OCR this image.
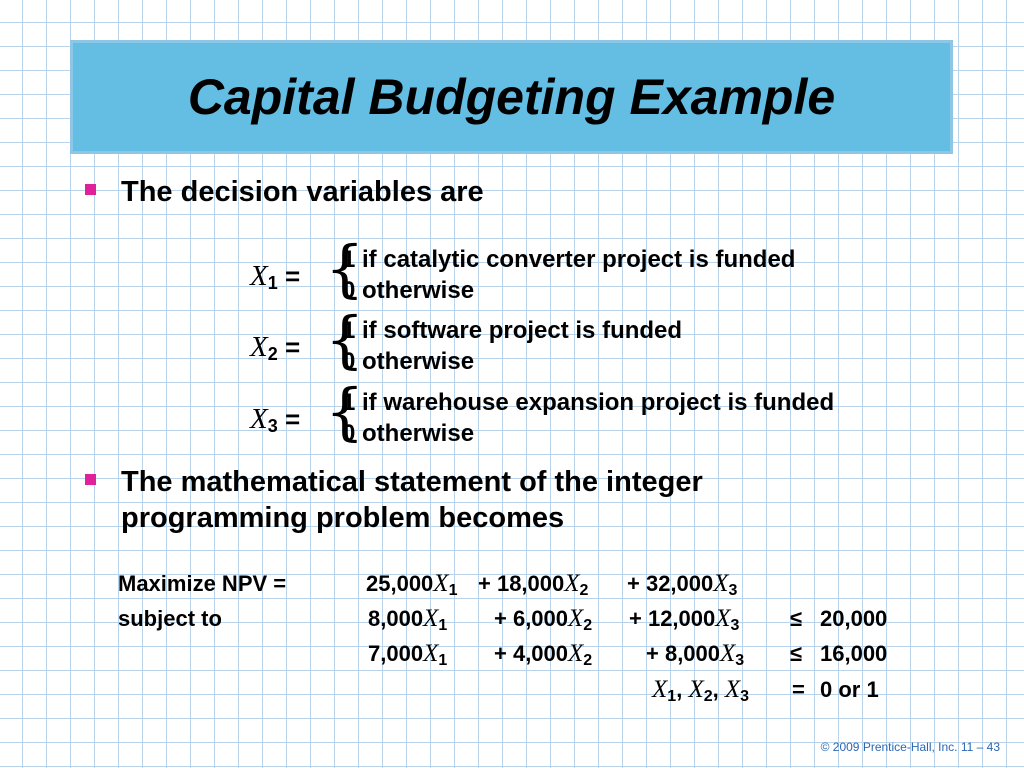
Capital Budgeting Example
The decision variables are
$X_1$ = {
1 if catalytic converter project is funded
0 otherwise
$X_2$ = {
1 if software project is funded
0 otherwise
$X_3$ = {
1 if warehouse expansion project is funded
0 otherwise
The mathematical statement of the integer programming problem becomes
Maximize NPV =	$25,000X_1 + 18,000X_2 + 32,000X_3$
subject to	$8,000X_1 + 6,000X_2 + 12,000X_3 \le 20,000$
$7,000X_1 + 4,000X_2 + 8,000X_3 \le 16,000$
$X_1$, $X_2$, $X_3 = 0$ or 1
© 2009 Prentice-Hall, Inc. 11 – 43
